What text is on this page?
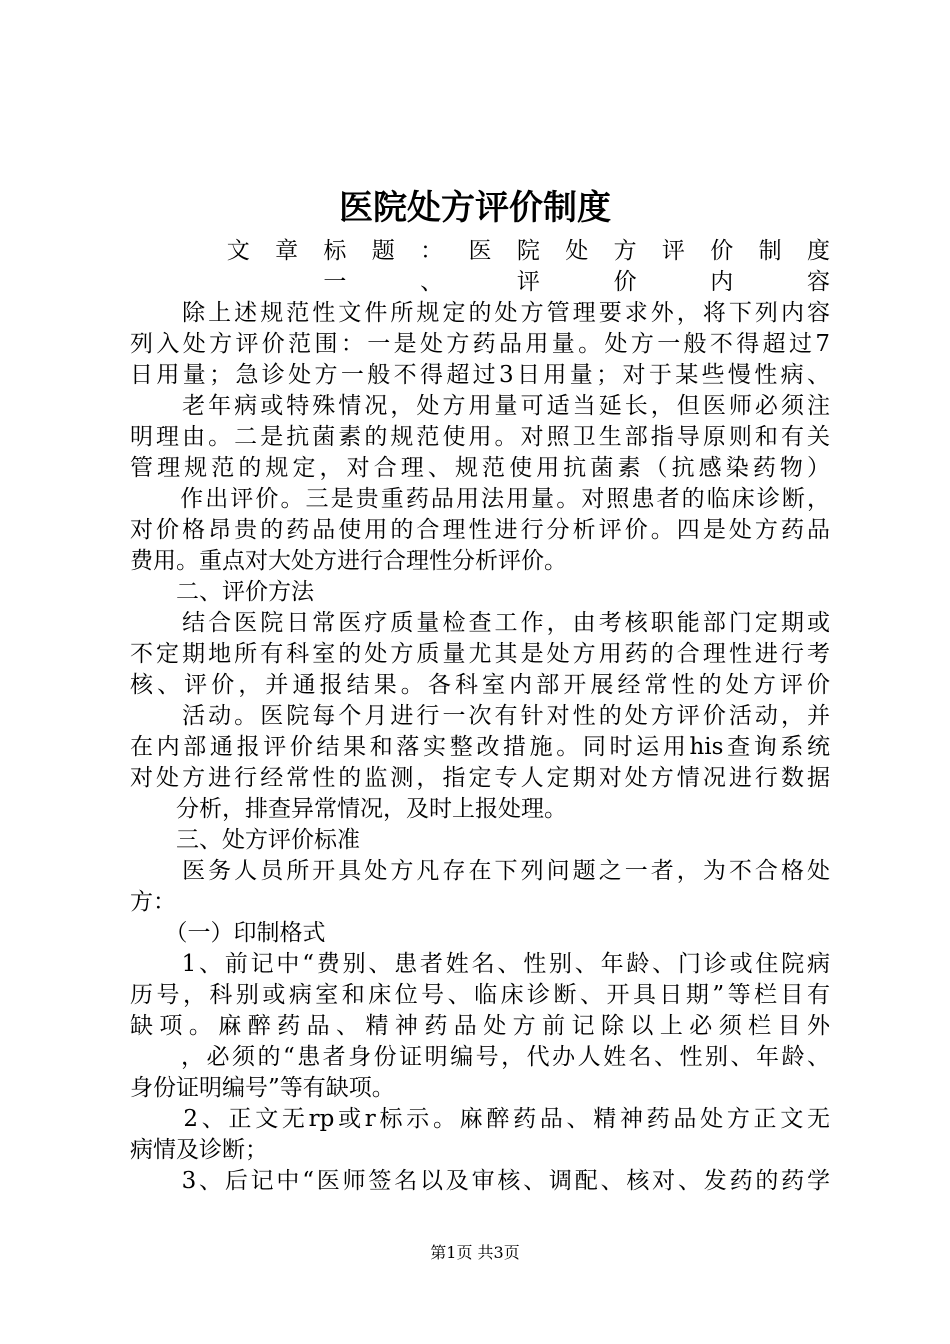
医院处方评价制度
　　文章标题：医院处方评价制度
　　一、评价内容
　　除上述规范性文件所规定的处方管理要求外，将下列内容
列入处方评价范围：一是处方药品用量。处方一般不得超过7
日用量；急诊处方一般不得超过3日用量；对于某些慢性病、
　　老年病或特殊情况，处方用量可适当延长，但医师必须注
明理由。二是抗菌素的规范使用。对照卫生部指导原则和有关
管理规范的规定，对合理、规范使用抗菌素（抗感染药物）
　　作出评价。三是贵重药品用法用量。对照患者的临床诊断，
对价格昂贵的药品使用的合理性进行分析评价。四是处方药品
费用。重点对大处方进行合理性分析评价。
　　二、评价方法
　　结合医院日常医疗质量检查工作，由考核职能部门定期或
不定期地所有科室的处方质量尤其是处方用药的合理性进行考
核、评价，并通报结果。各科室内部开展经常性的处方评价
　　活动。医院每个月进行一次有针对性的处方评价活动，并
在内部通报评价结果和落实整改措施。同时运用his查询系统
对处方进行经常性的监测，指定专人定期对处方情况进行数据
　　分析，排查异常情况，及时上报处理。
　　三、处方评价标准
　　医务人员所开具处方凡存在下列问题之一者，为不合格处
方：
　　（一）印制格式
　　1、前记中“费别、患者姓名、性别、年龄、门诊或住院病
历号，科别或病室和床位号、临床诊断、开具日期”等栏目有
缺项。麻醉药品、精神药品处方前记除以上必须栏目外
　　，必须的“患者身份证明编号，代办人姓名、性别、年龄、
身份证明编号”等有缺项。
　　2、正文无rp或r标示。麻醉药品、精神药品处方正文无
病情及诊断；
　　3、后记中“医师签名以及审核、调配、核对、发药的药学
第1页 共3页
